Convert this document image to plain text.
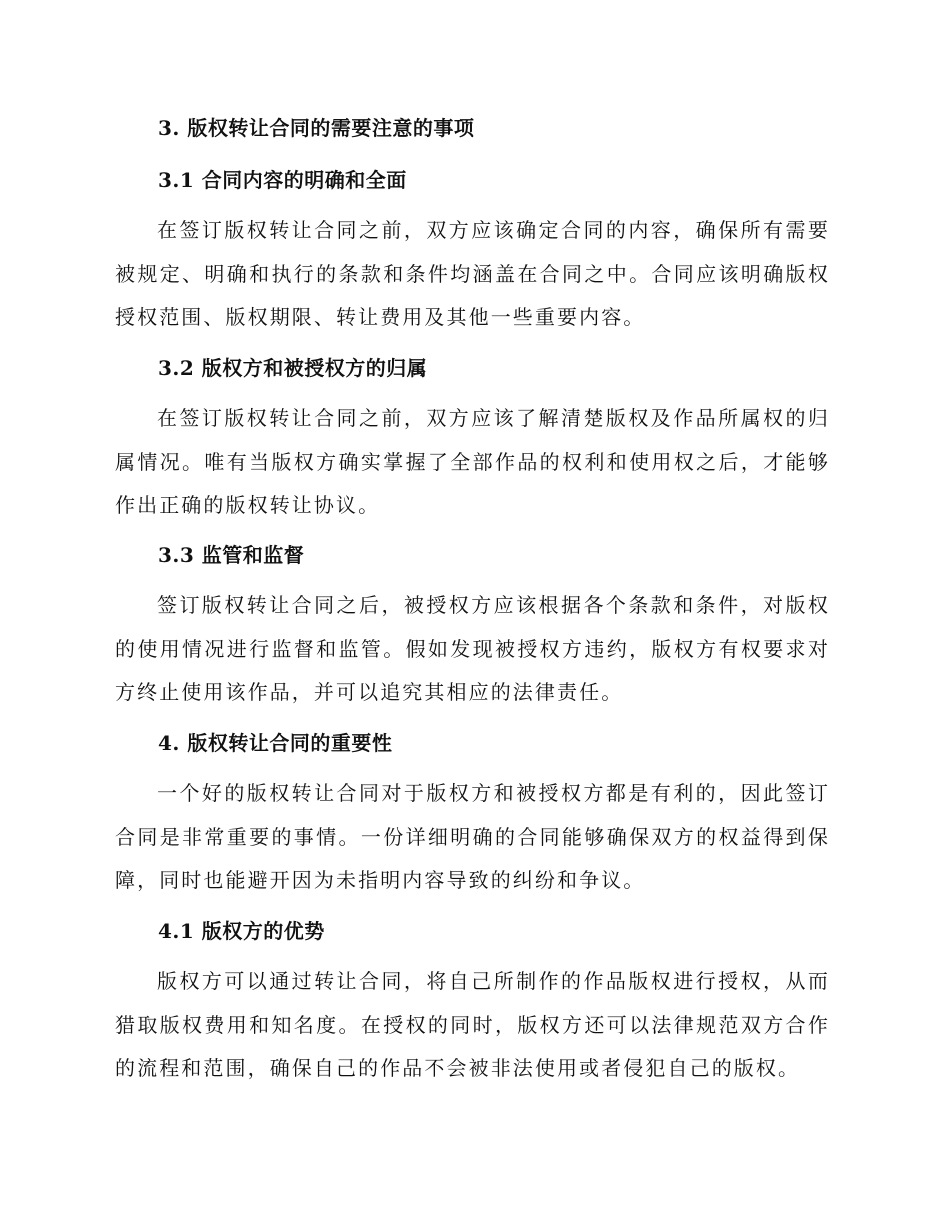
3. 版权转让合同的需要注意的事项
3.1 合同内容的明确和全面
在签订版权转让合同之前，双方应该确定合同的内容，确保所有需要被规定、明确和执行的条款和条件均涵盖在合同之中。合同应该明确版权授权范围、版权期限、转让费用及其他一些重要内容。
3.2 版权方和被授权方的归属
在签订版权转让合同之前，双方应该了解清楚版权及作品所属权的归属情况。唯有当版权方确实掌握了全部作品的权利和使用权之后，才能够作出正确的版权转让协议。
3.3 监管和监督
签订版权转让合同之后，被授权方应该根据各个条款和条件，对版权的使用情况进行监督和监管。假如发现被授权方违约，版权方有权要求对方终止使用该作品，并可以追究其相应的法律责任。
4. 版权转让合同的重要性
一个好的版权转让合同对于版权方和被授权方都是有利的，因此签订合同是非常重要的事情。一份详细明确的合同能够确保双方的权益得到保障，同时也能避开因为未指明内容导致的纠纷和争议。
4.1 版权方的优势
版权方可以通过转让合同，将自己所制作的作品版权进行授权，从而猎取版权费用和知名度。在授权的同时，版权方还可以法律规范双方合作的流程和范围，确保自己的作品不会被非法使用或者侵犯自己的版权。
